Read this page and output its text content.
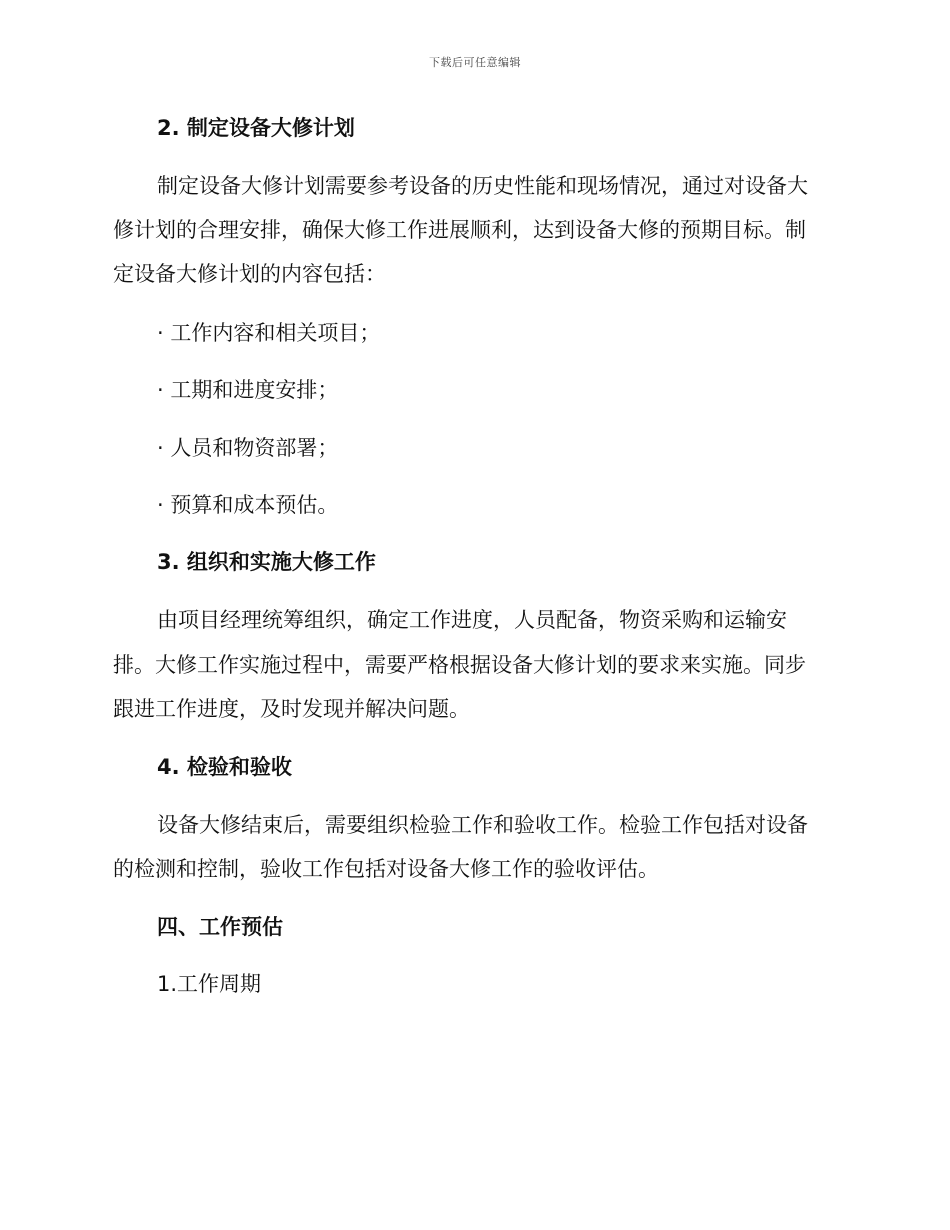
下载后可任意编辑
2. 制定设备大修计划
制定设备大修计划需要参考设备的历史性能和现场情况，通过对设备大
修计划的合理安排，确保大修工作进展顺利，达到设备大修的预期目标。制
定设备大修计划的内容包括：
· 工作内容和相关项目；
· 工期和进度安排；
· 人员和物资部署；
· 预算和成本预估。
3. 组织和实施大修工作
由项目经理统筹组织，确定工作进度，人员配备，物资采购和运输安
排。大修工作实施过程中，需要严格根据设备大修计划的要求来实施。同步
跟进工作进度，及时发现并解决问题。
4. 检验和验收
设备大修结束后，需要组织检验工作和验收工作。检验工作包括对设备
的检测和控制，验收工作包括对设备大修工作的验收评估。
四、工作预估
1.工作周期
